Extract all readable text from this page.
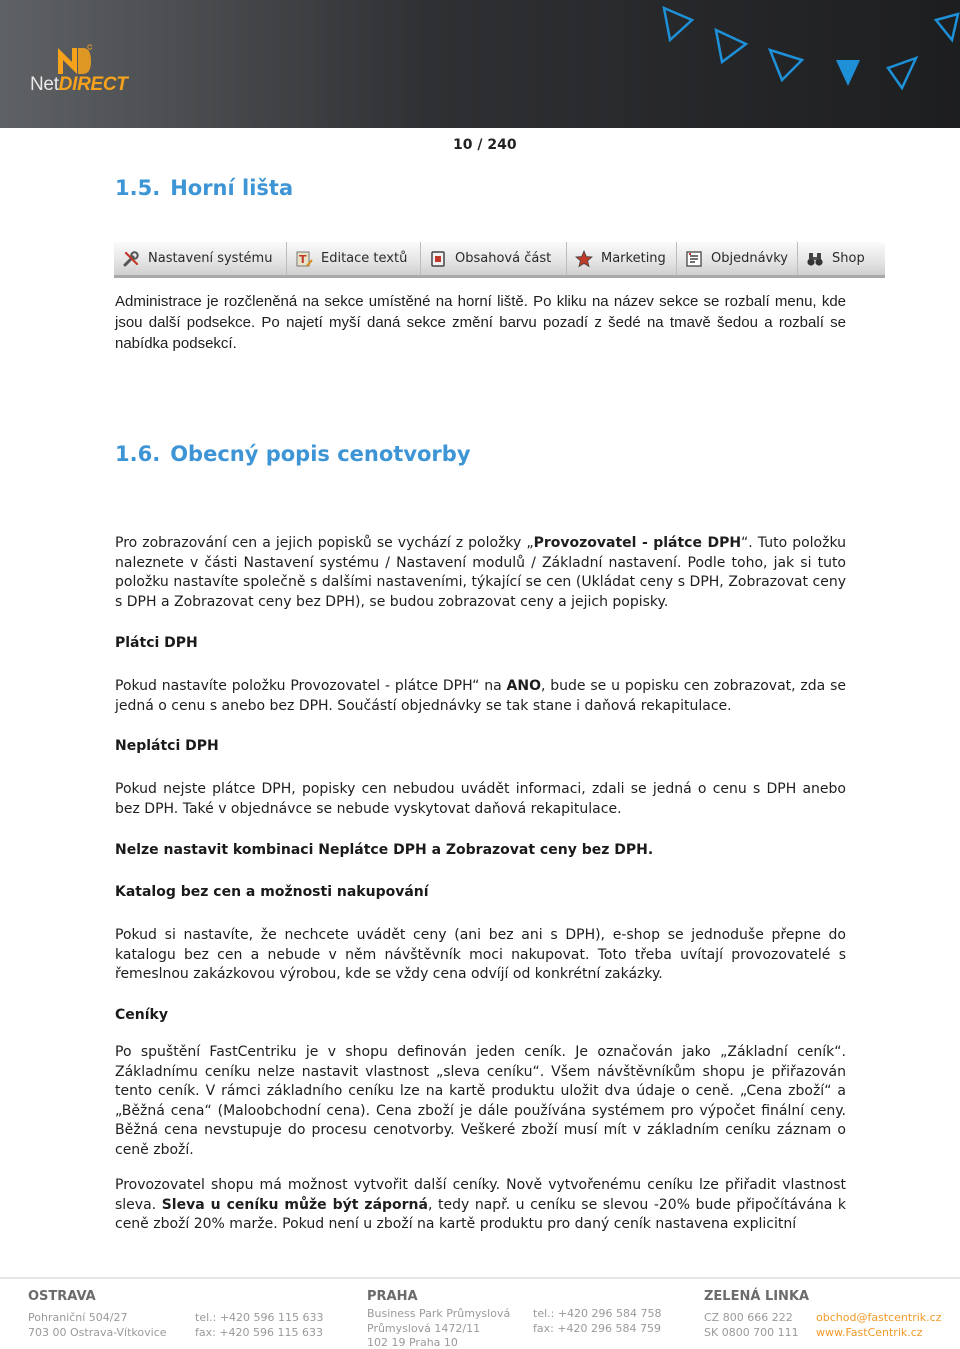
NetDIRECT
10 / 240
1.5. Horní lišta
Nastavení systému T Editace textů	Obsahová část	Marketing	Objednávky	Shop

Administrace je rozčleněná na sekce umístěné na horní liště. Po kliku na název sekce se rozbalí menu, kde jsou další podsekce. Po najetí myší daná sekce změní barvu pozadí z šedé na tmavě šedou a rozbalí se nabídka podsekcí.

1.6. Obecný popis cenotvorby

Pro zobrazování cen a jejich popisků se vychází z položky „Provozovatel - plátce DPH“. Tuto položku naleznete v části Nastavení systému / Nastavení modulů / Základní nastavení. Podle toho, jak si tuto položku nastavíte společně s dalšími nastaveními, týkající se cen (Ukládat ceny s DPH, Zobrazovat ceny s DPH a Zobrazovat ceny bez DPH), se budou zobrazovat ceny a jejich popisky.

Plátci DPH

Pokud nastavíte položku Provozovatel - plátce DPH“ na ANO, bude se u popisku cen zobrazovat, zda se jedná o cenu s anebo bez DPH. Součástí objednávky se tak stane i daňová rekapitulace.

Neplátci DPH

Pokud nejste plátce DPH, popisky cen nebudou uvádět informaci, zdali se jedná o cenu s DPH anebo bez DPH. Také v objednávce se nebude vyskytovat daňová rekapitulace.

Nelze nastavit kombinaci Neplátce DPH a Zobrazovat ceny bez DPH.
Katalog bez cen a možnosti nakupování

Pokud si nastavíte, že nechcete uvádět ceny (ani bez ani s DPH), e-shop se jednoduše přepne do katalogu bez cen a nebude v něm návštěvník moci nakupovat. Toto třeba uvítají provozovatelé s řemeslnou zakázkovou výrobou, kde se vždy cena odvíjí od konkrétní zakázky.

Ceníky

Po spuštění FastCentriku je v shopu definován jeden ceník. Je označován jako „Základní ceník“. Základnímu ceníku nelze nastavit vlastnost „sleva ceníku“. Všem návštěvníkům shopu je přiřazován tento ceník. V rámci základního ceníku lze na kartě produktu uložit dva údaje o ceně. „Cena zboží“ a „Běžná cena“ (Maloobchodní cena). Cena zboží je dále používána systémem pro výpočet finální ceny. Běžná cena nevstupuje do procesu cenotvorby. Veškeré zboží musí mít v základním ceníku záznam o ceně zboží.

Provozovatel shopu má možnost vytvořit další ceníky. Nově vytvořenému ceníku lze přiřadit vlastnost sleva. Sleva u ceníku může být záporná, tedy např. u ceníku se slevou -20% bude připočítávána k ceně zboží 20% marže. Pokud není u zboží na kartě produktu pro daný ceník nastavena explicitní

OSTRAVA
Pohraniční 504/27
703 00 Ostrava-Vítkovice
tel.: +420 596 115 633
fax: +420 596 115 633
PRAHA
Business Park Průmyslová
Průmyslová 1472/11
102 19 Praha 10
tel.: +420 296 584 758
fax: +420 296 584 759
ZELENÁ LINKA
CZ 800 666 222
SK 0800 700 111
obchod@fastcentrik.cz
www.FastCentrik.cz
